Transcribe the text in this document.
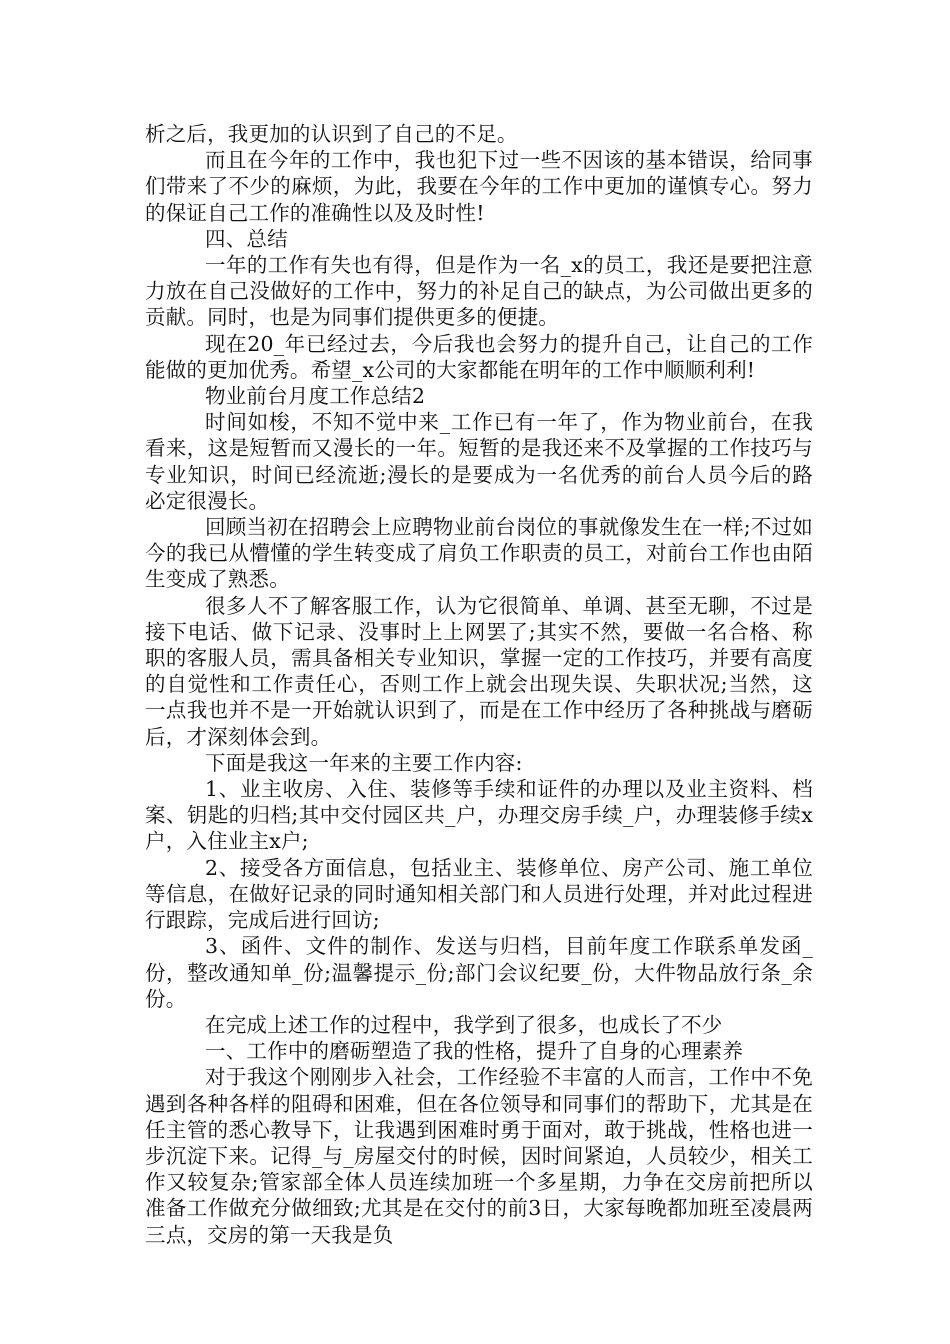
析之后，我更加的认识到了自己的不足。

而且在今年的工作中，我也犯下过一些不因该的基本错误，给同事们带来了不少的麻烦，为此，我要在今年的工作中更加的谨慎专心。努力的保证自己工作的准确性以及及时性!

四、总结

一年的工作有失也有得，但是作为一名_x的员工，我还是要把注意力放在自己没做好的工作中，努力的补足自己的缺点，为公司做出更多的贡献。同时，也是为同事们提供更多的便捷。

现在20_年已经过去，今后我也会努力的提升自己，让自己的工作能做的更加优秀。希望_x公司的大家都能在明年的工作中顺顺利利!

物业前台月度工作总结2

时间如梭，不知不觉中来_工作已有一年了，作为物业前台，在我看来，这是短暂而又漫长的一年。短暂的是我还来不及掌握的工作技巧与专业知识，时间已经流逝;漫长的是要成为一名优秀的前台人员今后的路必定很漫长。

回顾当初在招聘会上应聘物业前台岗位的事就像发生在一样;不过如今的我已从懵懂的学生转变成了肩负工作职责的员工，对前台工作也由陌生变成了熟悉。

很多人不了解客服工作，认为它很简单、单调、甚至无聊，不过是接下电话、做下记录、没事时上上网罢了;其实不然，要做一名合格、称职的客服人员，需具备相关专业知识，掌握一定的工作技巧，并要有高度的自觉性和工作责任心，否则工作上就会出现失误、失职状况;当然，这一点我也并不是一开始就认识到了，而是在工作中经历了各种挑战与磨砺后，才深刻体会到。

下面是我这一年来的主要工作内容:

1、业主收房、入住、装修等手续和证件的办理以及业主资料、档案、钥匙的归档;其中交付园区共_户，办理交房手续_户，办理装修手续x户，入住业主x户;

2、接受各方面信息，包括业主、装修单位、房产公司、施工单位等信息，在做好记录的同时通知相关部门和人员进行处理，并对此过程进行跟踪，完成后进行回访;

3、函件、文件的制作、发送与归档，目前年度工作联系单发函_份，整改通知单_份;温馨提示_份;部门会议纪要_份，大件物品放行条_余份。

在完成上述工作的过程中，我学到了很多，也成长了不少

一、工作中的磨砺塑造了我的性格，提升了自身的心理素养

对于我这个刚刚步入社会，工作经验不丰富的人而言，工作中不免遇到各种各样的阻碍和困难，但在各位领导和同事们的帮助下，尤其是在任主管的悉心教导下，让我遇到困难时勇于面对，敢于挑战，性格也进一步沉淀下来。记得_与_房屋交付的时候，因时间紧迫，人员较少，相关工作又较复杂;管家部全体人员连续加班一个多星期，力争在交房前把所以准备工作做充分做细致;尤其是在交付的前3日，大家每晚都加班至凌晨两三点，交房的第一天我是负
